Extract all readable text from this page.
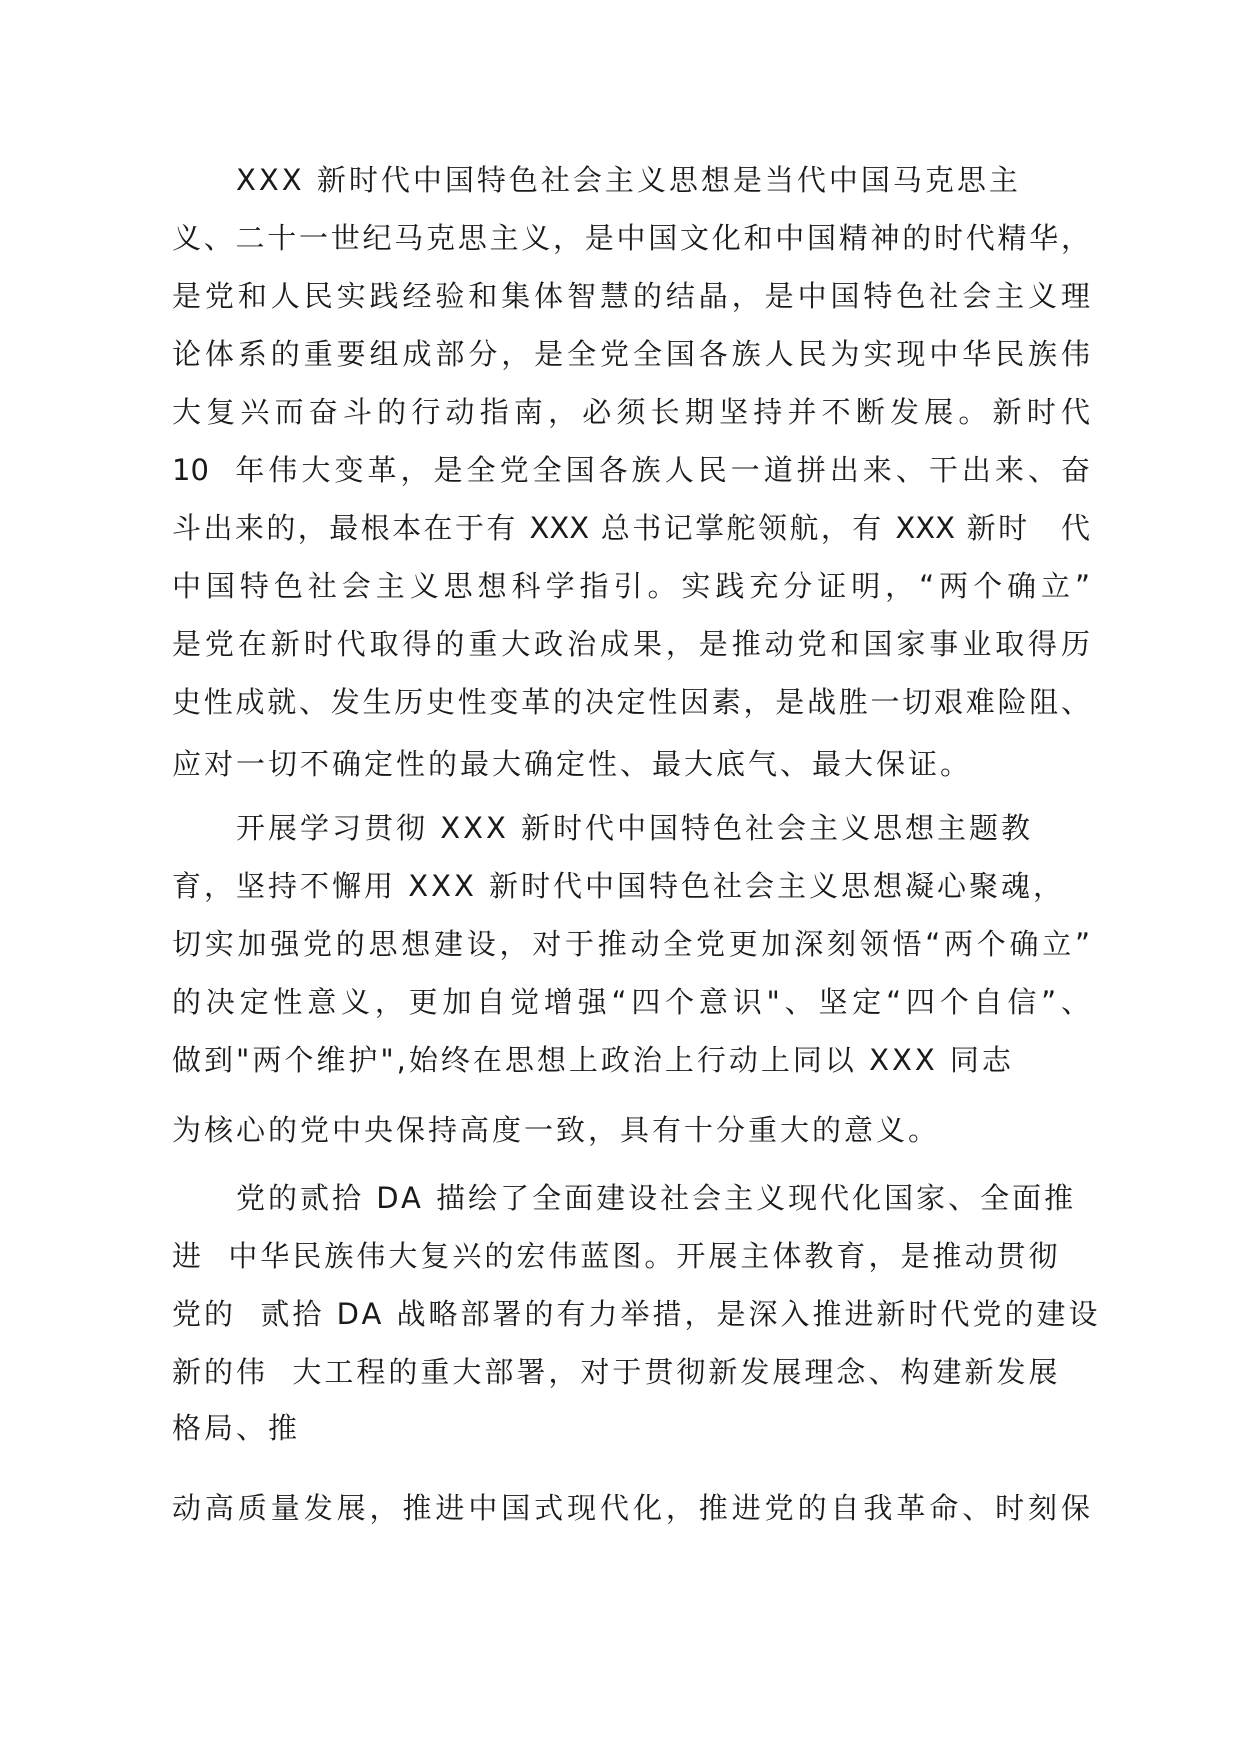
　　XXX 新时代中国特色社会主义思想是当代中国马克思主
义、二十一世纪马克思主义，是中国文化和中国精神的时代精华，
是党和人民实践经验和集体智慧的结晶，是中国特色社会主义理
论体系的重要组成部分，是全党全国各族人民为实现中华民族伟
大复兴而奋斗的行动指南，必须长期坚持并不断发展。新时代
10  年伟大变革，是全党全国各族人民一道拼出来、干出来、奋
斗出来的，最根本在于有 XXX 总书记掌舵领航，有 XXX 新时　代
中国特色社会主义思想科学指引。实践充分证明，“两个确立”
是党在新时代取得的重大政治成果，是推动党和国家事业取得历
史性成就、发生历史性变革的决定性因素，是战胜一切艰难险阻、
应对一切不确定性的最大确定性、最大底气、最大保证。
　　开展学习贯彻 XXX 新时代中国特色社会主义思想主题教
育，坚持不懈用 XXX 新时代中国特色社会主义思想凝心聚魂，
切实加强党的思想建设，对于推动全党更加深刻领悟“两个确立”
的决定性意义，更加自觉增强“四个意识"、坚定“四个自信”、
做到"两个维护",始终在思想上政治上行动上同以 XXX 同志
为核心的党中央保持高度一致，具有十分重大的意义。
　　党的贰拾 DA 描绘了全面建设社会主义现代化国家、全面推
进  中华民族伟大复兴的宏伟蓝图。开展主体教育，是推动贯彻
党的  贰拾 DA 战略部署的有力举措，是深入推进新时代党的建设
新的伟  大工程的重大部署，对于贯彻新发展理念、构建新发展
格局、推
动高质量发展，推进中国式现代化，推进党的自我革命、时刻保
